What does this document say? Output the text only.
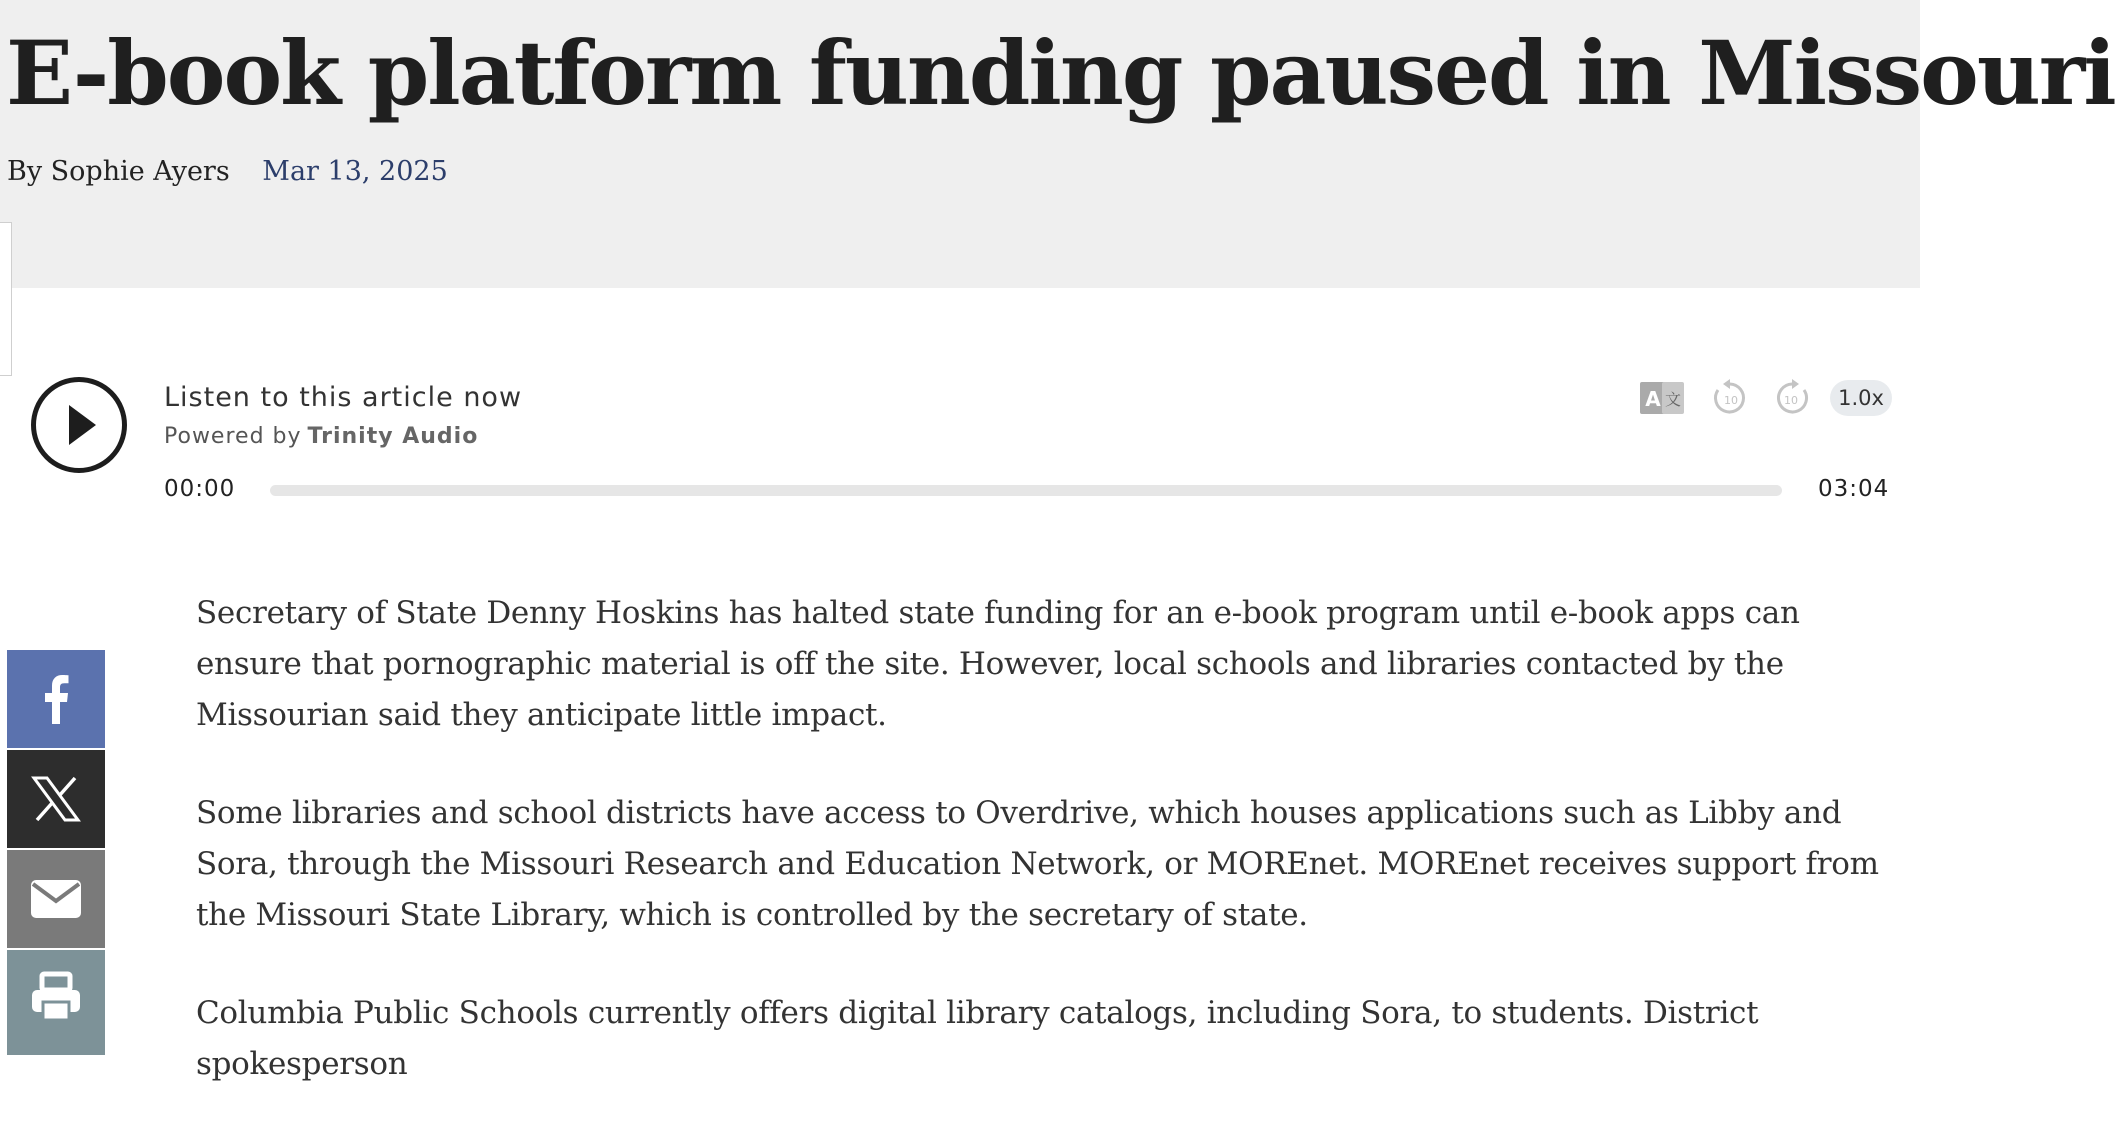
E-book platform funding paused in Missouri
By Sophie Ayers Mar 13, 2025
Listen to this article now
Powered by Trinity Audio
A 文	10	10	1.0x
00:00	03:04

Secretary of State Denny Hoskins has halted state funding for an e-book program until e-book apps can ensure that pornographic material is off the site. However, local schools and libraries contacted by the Missourian said they anticipate little impact.

Some libraries and school districts have access to Overdrive, which houses applications such as Libby and Sora, through the Missouri Research and Education Network, or MOREnet. MOREnet receives support from the Missouri State Library, which is controlled by the secretary of state.

Columbia Public Schools currently offers digital library catalogs, including Sora, to students. District spokesperson
